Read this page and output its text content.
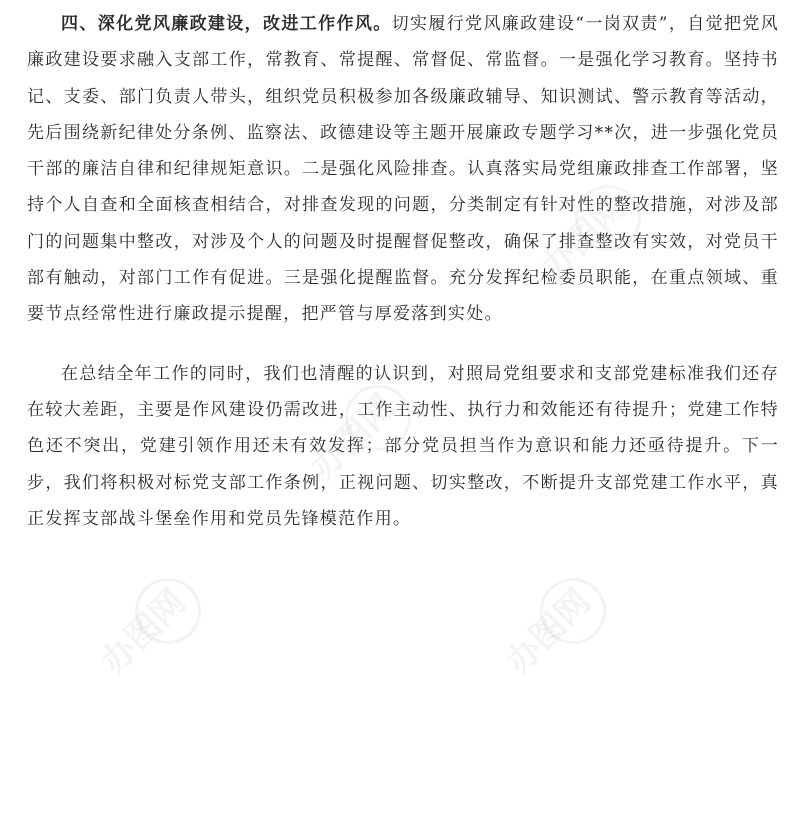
四、深化党风廉政建设，改进工作作风。切实履行党风廉政建设“一岗双责”，自觉把党风廉政建设要求融入支部工作，常教育、常提醒、常督促、常监督。一是强化学习教育。坚持书记、支委、部门负责人带头，组织党员积极参加各级廉政辅导、知识测试、警示教育等活动，先后围绕新纪律处分条例、监察法、政德建设等主题开展廉政专题学习**次，进一步强化党员干部的廉洁自律和纪律规矩意识。二是强化风险排查。认真落实局党组廉政排查工作部署，坚持个人自查和全面核查相结合，对排查发现的问题，分类制定有针对性的整改措施，对涉及部门的问题集中整改，对涉及个人的问题及时提醒督促整改，确保了排查整改有实效，对党员干部有触动，对部门工作有促进。三是强化提醒监督。充分发挥纪检委员职能，在重点领域、重要节点经常性进行廉政提示提醒，把严管与厚爱落到实处。

在总结全年工作的同时，我们也清醒的认识到，对照局党组要求和支部党建标准我们还存在较大差距，主要是作风建设仍需改进，工作主动性、执行力和效能还有待提升；党建工作特色还不突出，党建引领作用还未有效发挥；部分党员担当作为意识和能力还亟待提升。下一步，我们将积极对标党支部工作条例，正视问题、切实整改，不断提升支部党建工作水平，真正发挥支部战斗堡垒作用和党员先锋模范作用。

办图网
办图网
办图网	办图网
